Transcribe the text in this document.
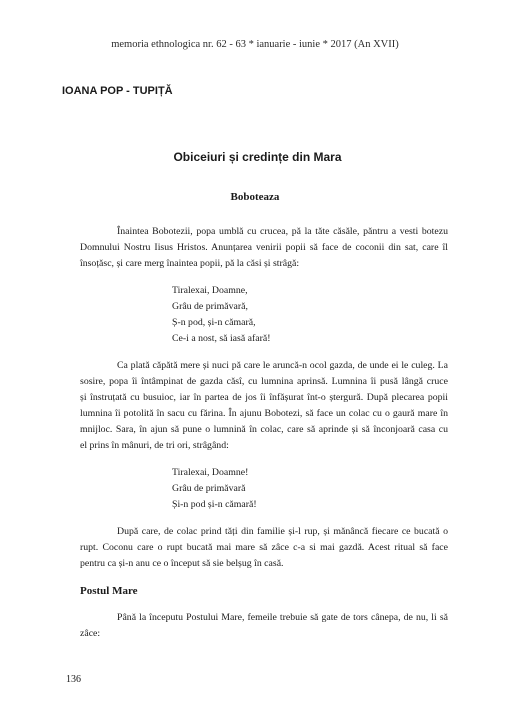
memoria ethnologica nr. 62 - 63 * ianuarie - iunie * 2017 (An XVII)
IOANA POP - TUPIȚĂ
Obiceiuri și credințe din Mara
Boboteaza
Înaintea Bobotezii, popa umblă cu crucea, pă la tăte căsăle, păntru a vesti botezu
Domnului Nostru Iisus Hristos. Anunțarea venirii popii să face de coconii din sat, care îl
însoțăsc, și care merg înaintea popii, pă la căsi și strâgă:
Tiralexai, Doamne,
Grâu de primăvară,
Ș-n pod, și-n cămară,
Ce-i a nost, să iasă afară!
Ca plată căpătă mere și nuci pă care le aruncă-n ocol gazda, de unde ei le culeg. La
sosire, popa îi întâmpinat de gazda căsî, cu lumnina aprinsă. Lumnina îi pusă lângă cruce
și înstruțată cu busuioc, iar în partea de jos îi înfășurat înt-o ștergură. După plecarea popii
lumnina îi potolită în sacu cu fărina. În ajunu Bobotezi, să face un colac cu o gaură mare în
mnijloc. Sara, în ajun să pune o lumnină în colac, care să aprinde și să înconjoară casa cu
el prins în mânuri, de tri ori, strâgând:
Tiralexai, Doamne!
Grâu de primăvară
Și-n pod și-n cămară!
După care, de colac prind tăți din familie și-l rup, și mănâncă fiecare ce bucată o
rupt. Coconu care o rupt bucată mai mare să zâce c-a si mai gazdă. Acest ritual să face
pentru ca și-n anu ce o început să sie belșug în casă.
Postul Mare
Până la începutu Postului Mare, femeile trebuie să gate de tors cânepa, de nu, li să
zâce:
136
